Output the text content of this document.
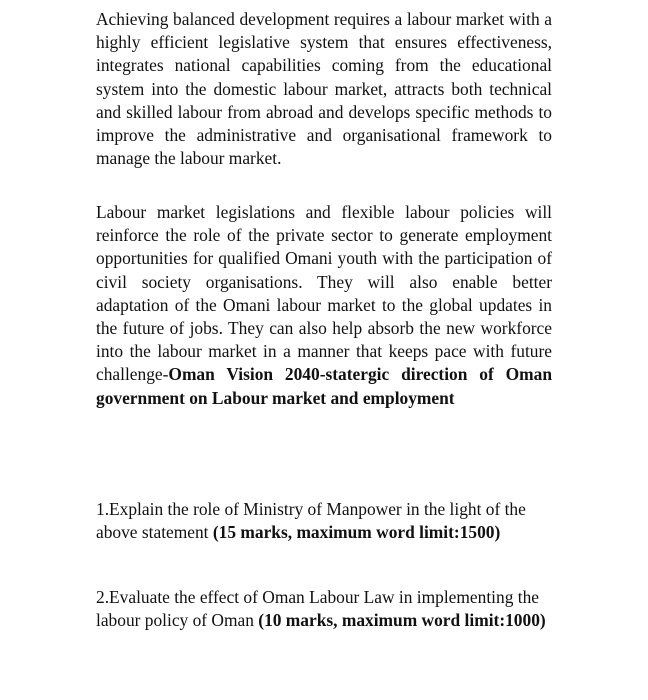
Achieving balanced development requires a labour market with a highly efficient legislative system that ensures effectiveness, integrates national capabilities coming from the educational system into the domestic labour market, attracts both technical and skilled labour from abroad and develops specific methods to improve the administrative and organisational framework to manage the labour market.

Labour market legislations and flexible labour policies will reinforce the role of the private sector to generate employment opportunities for qualified Omani youth with the participation of civil society organisations. They will also enable better adaptation of the Omani labour market to the global updates in the future of jobs. They can also help absorb the new workforce into the labour market in a manner that keeps pace with future challenge-Oman Vision 2040-statergic direction of Oman government on Labour market and employment

1.Explain the role of Ministry of Manpower in the light of the above statement (15 marks, maximum word limit:1500)

2.Evaluate the effect of Oman Labour Law in implementing the labour policy of Oman (10 marks, maximum word limit:1000)
